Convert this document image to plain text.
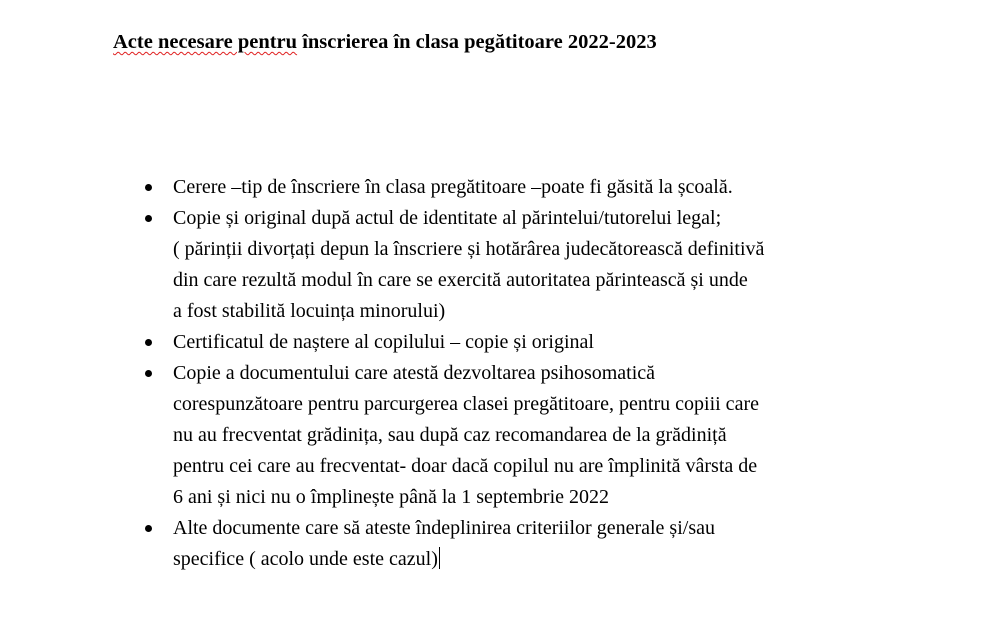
Acte necesare pentru înscrierea în clasa pegătitoare 2022-2023
Cerere –tip de înscriere în clasa pregătitoare –poate fi găsită la școală.
Copie și original după actul de identitate al părintelui/tutorelui legal;
( părinții divorțați depun la înscriere și hotărârea judecătorească definitivă
din care rezultă modul în care se exercită autoritatea părintească și unde
a fost stabilită locuința minorului)
Certificatul de naștere al copilului – copie și original
Copie a documentului care atestă dezvoltarea psihosomatică
corespunzătoare pentru parcurgerea clasei pregătitoare, pentru copiii care
nu au frecventat grădinița, sau după caz recomandarea de la grădiniță
pentru cei care au frecventat- doar dacă copilul nu are împlinită vârsta de
6 ani și nici nu o împlinește până la 1 septembrie 2022
Alte documente care să ateste îndeplinirea criteriilor generale și/sau
specifice ( acolo unde este cazul)
